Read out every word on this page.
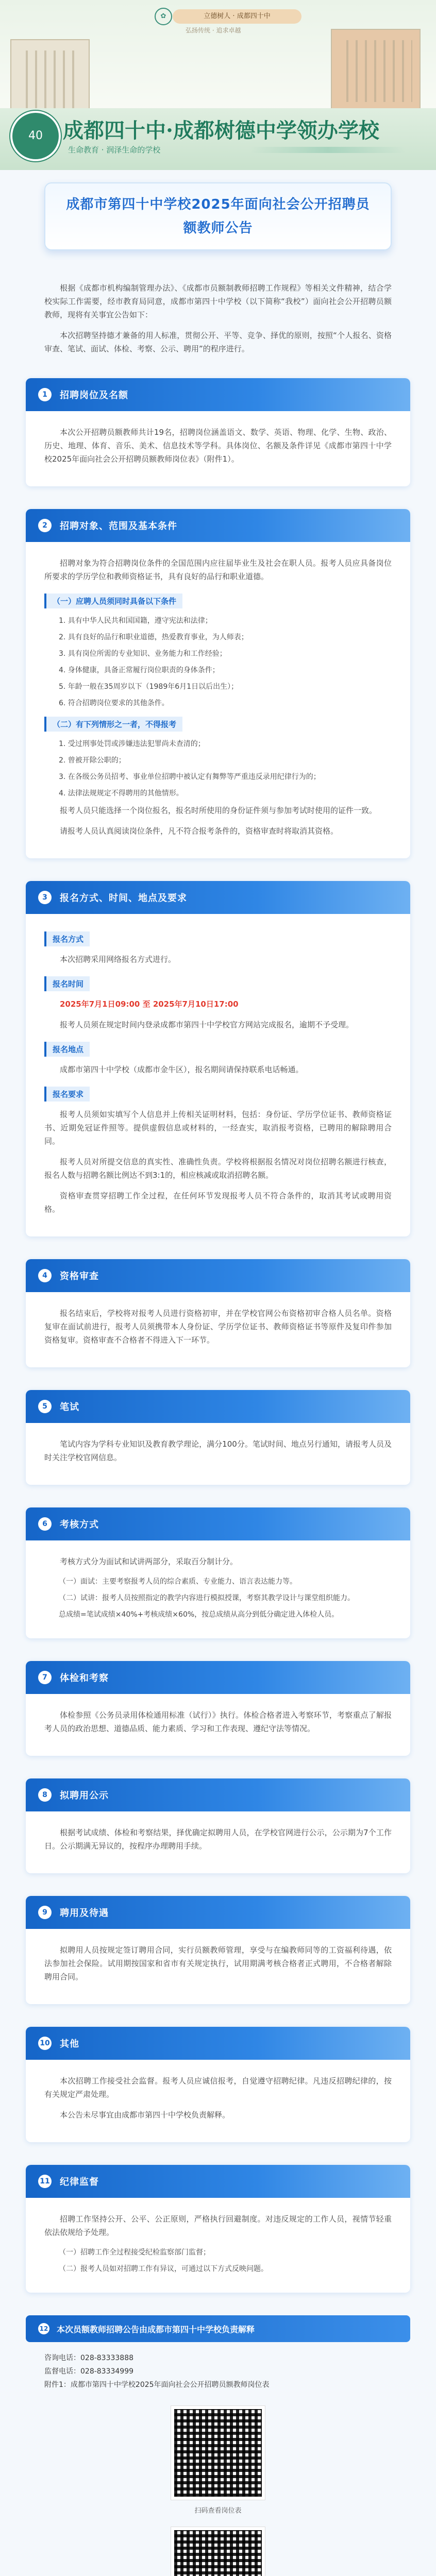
✿	立德树人 · 成都四十中
弘扬传统 · 追求卓越
40 成都四十中·成都树德中学领办学校
生命教育 · 润泽生命的学校
成都市第四十中学校2025年面向社会公开招聘员额教师公告

根据《成都市机构编制管理办法》、《成都市员额制教师招聘工作规程》等相关文件精神，结合学校实际工作需要，经市教育局同意，成都市第四十中学校（以下简称“我校”）面向社会公开招聘员额教师，现将有关事宜公告如下：

本次招聘坚持德才兼备的用人标准，贯彻公开、平等、竞争、择优的原则，按照“个人报名、资格审查、笔试、面试、体检、考察、公示、聘用”的程序进行。

1	招聘岗位及名额

本次公开招聘员额教师共计19名，招聘岗位涵盖语文、数学、英语、物理、化学、生物、政治、历史、地理、体育、音乐、美术、信息技术等学科。具体岗位、名额及条件详见《成都市第四十中学校2025年面向社会公开招聘员额教师岗位表》（附件1）。

2	招聘对象、范围及基本条件

招聘对象为符合招聘岗位条件的全国范围内应往届毕业生及社会在职人员。报考人员应具备岗位所要求的学历学位和教师资格证书，具有良好的品行和职业道德。

（一）应聘人员须同时具备以下条件

1. 具有中华人民共和国国籍，遵守宪法和法律；

2. 具有良好的品行和职业道德，热爱教育事业，为人师表；

3. 具有岗位所需的专业知识、业务能力和工作经验；

4. 身体健康，具备正常履行岗位职责的身体条件；

5. 年龄一般在35周岁以下（1989年6月1日以后出生）；

6. 符合招聘岗位要求的其他条件。

（二）有下列情形之一者，不得报考

1. 受过刑事处罚或涉嫌违法犯罪尚未查清的；

2. 曾被开除公职的；

3. 在各级公务员招考、事业单位招聘中被认定有舞弊等严重违反录用纪律行为的；

4. 法律法规规定不得聘用的其他情形。

报考人员只能选择一个岗位报名，报名时所使用的身份证件须与参加考试时使用的证件一致。

请报考人员认真阅读岗位条件，凡不符合报考条件的，资格审查时将取消其资格。

3	报名方式、时间、地点及要求
报名方式

本次招聘采用网络报名方式进行。

报名时间

2025年7月1日09:00 至 2025年7月10日17:00

报考人员须在规定时间内登录成都市第四十中学校官方网站完成报名，逾期不予受理。

报名地点

成都市第四十中学校（成都市金牛区），报名期间请保持联系电话畅通。

报名要求

报考人员须如实填写个人信息并上传相关证明材料，包括：身份证、学历学位证书、教师资格证书、近期免冠证件照等。提供虚假信息或材料的，一经查实，取消报考资格，已聘用的解除聘用合同。

报考人员对所提交信息的真实性、准确性负责。学校将根据报名情况对岗位招聘名额进行核查，报名人数与招聘名额比例达不到3:1的，相应核减或取消招聘名额。

资格审查贯穿招聘工作全过程，在任何环节发现报考人员不符合条件的，取消其考试或聘用资格。

4	资格审查

报名结束后，学校将对报考人员进行资格初审，并在学校官网公布资格初审合格人员名单。资格复审在面试前进行，报考人员须携带本人身份证、学历学位证书、教师资格证书等原件及复印件参加资格复审。资格审查不合格者不得进入下一环节。

5	笔试

笔试内容为学科专业知识及教育教学理论，满分100分。笔试时间、地点另行通知，请报考人员及时关注学校官网信息。

6	考核方式

考核方式分为面试和试讲两部分，采取百分制计分。

（一）面试：主要考察报考人员的综合素质、专业能力、语言表达能力等。

（二）试讲：报考人员按照指定的教学内容进行模拟授课，考察其教学设计与课堂组织能力。

总成绩=笔试成绩×40%+考核成绩×60%，按总成绩从高分到低分确定进入体检人员。

7	体检和考察

体检参照《公务员录用体检通用标准（试行）》执行。体检合格者进入考察环节，考察重点了解报考人员的政治思想、道德品质、能力素质、学习和工作表现、遵纪守法等情况。

8	拟聘用公示

根据考试成绩、体检和考察结果，择优确定拟聘用人员，在学校官网进行公示，公示期为7个工作日。公示期满无异议的，按程序办理聘用手续。

9	聘用及待遇

拟聘用人员按规定签订聘用合同，实行员额教师管理，享受与在编教师同等的工资福利待遇，依法参加社会保险。试用期按国家和省市有关规定执行，试用期满考核合格者正式聘用，不合格者解除聘用合同。

10 其他

本次招聘工作接受社会监督。报考人员应诚信报考，自觉遵守招聘纪律。凡违反招聘纪律的，按有关规定严肃处理。

本公告未尽事宜由成都市第四十中学校负责解释。

11 纪律监督

招聘工作坚持公开、公平、公正原则，严格执行回避制度。对违反规定的工作人员，视情节轻重依法依规给予处理。

（一）招聘工作全过程接受纪检监察部门监督；

（二）报考人员如对招聘工作有异议，可通过以下方式反映问题。

12 本次员额教师招聘公告由成都市第四十中学校负责解释
咨询电话：028-83333888
监督电话：028-83334999
附件1：成都市第四十中学校2025年面向社会公开招聘员额教师岗位表
扫码查看岗位表
